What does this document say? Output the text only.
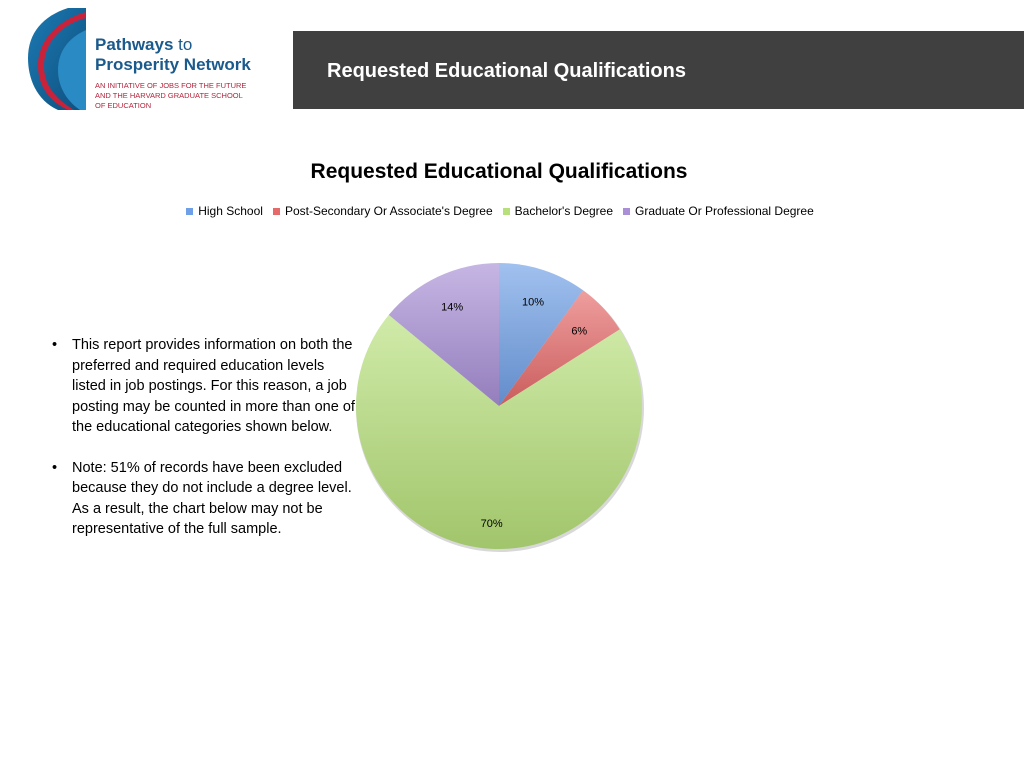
Pathways to
Prosperity Network
AN INITIATIVE OF JOBS FOR THE FUTURE
AND THE HARVARD GRADUATE SCHOOL
OF EDUCATION
Requested Educational Qualifications
Requested Educational Qualifications
High School Post-Secondary Or Associate's Degree Bachelor's Degree Graduate Or Professional Degree
10%
6%
70%
14%
•	This report provides information on both the preferred and required education levels listed in job postings. For this reason, a job posting may be counted in more than one of the educational categories shown below.
•	Note: 51% of records have been excluded because they do not include a degree level. As a result, the chart below may not be representative of the full sample.
